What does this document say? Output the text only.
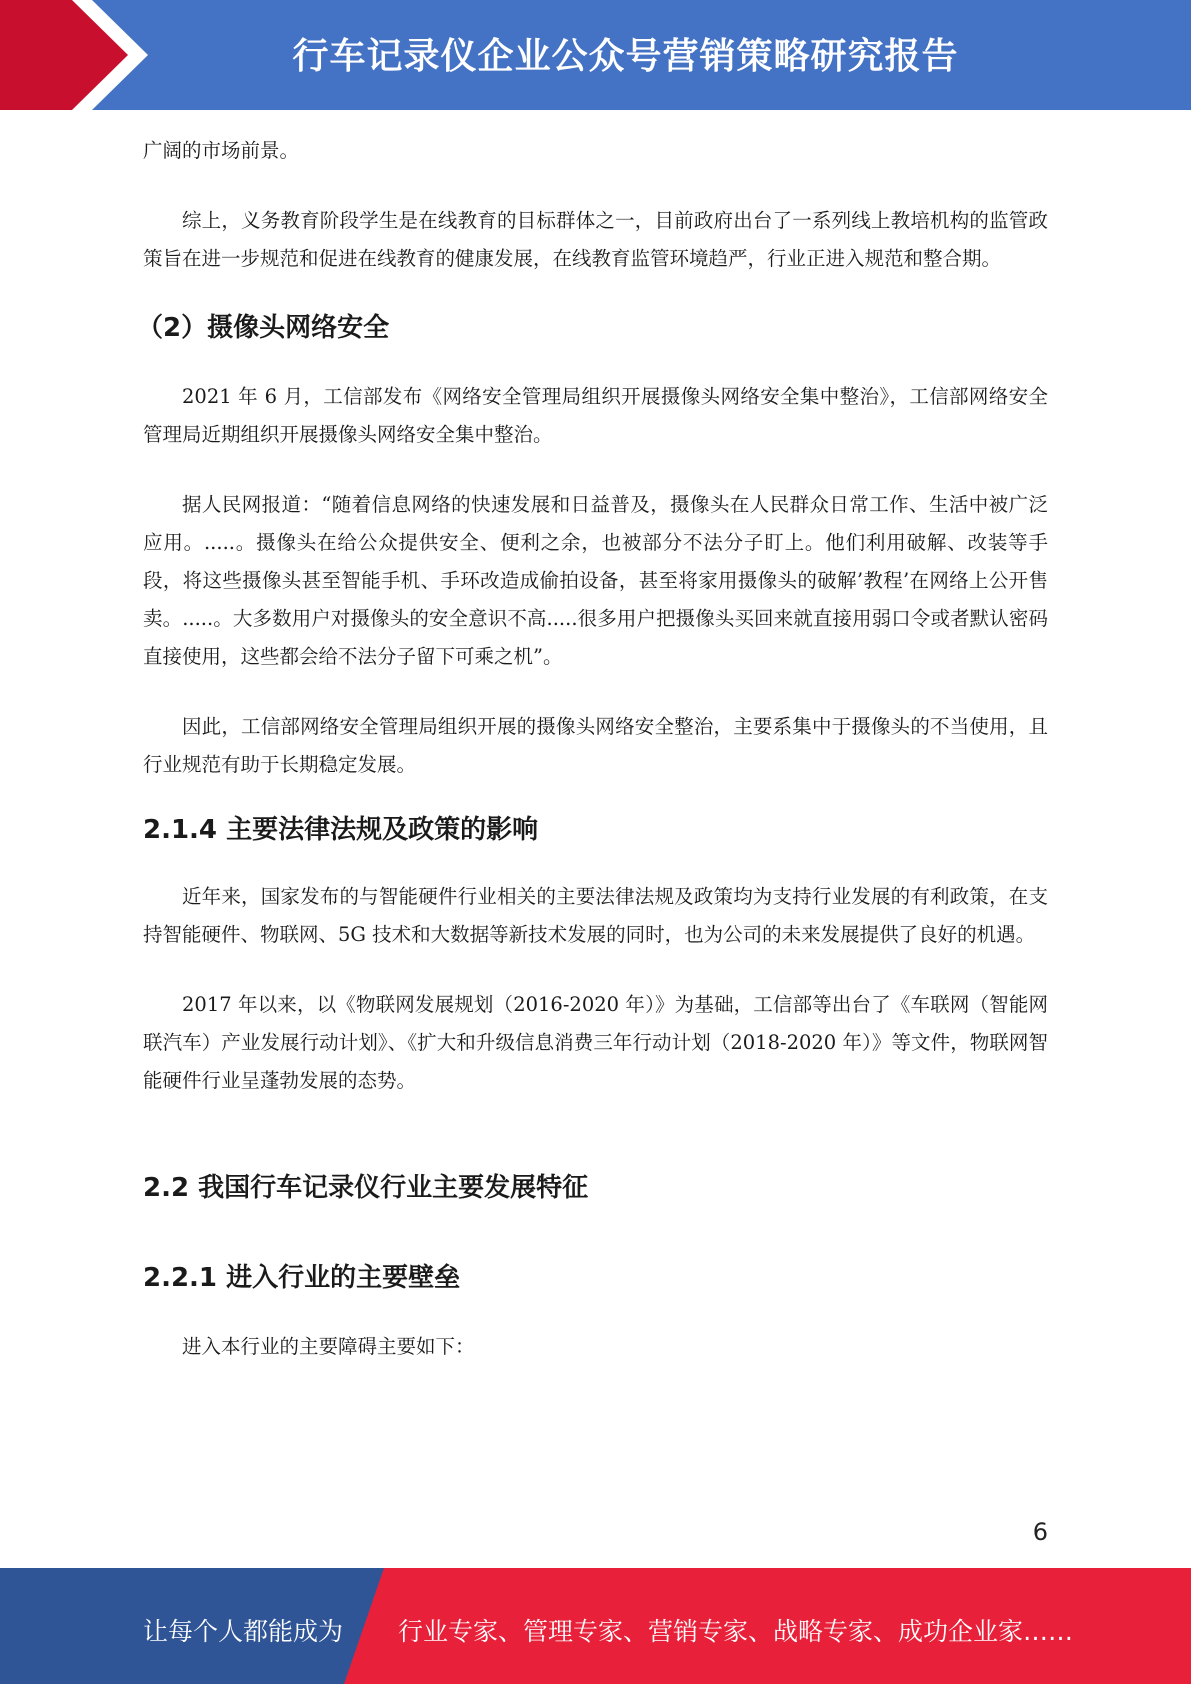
行车记录仪企业公众号营销策略研究报告

广阔的市场前景。

综上，义务教育阶段学生是在线教育的目标群体之一，目前政府出台了一系列线上教培机构的监管政策旨在进一步规范和促进在线教育的健康发展，在线教育监管环境趋严，行业正进入规范和整合期。

（2）摄像头网络安全

2021 年 6 月，工信部发布《网络安全管理局组织开展摄像头网络安全集中整治》，工信部网络安全管理局近期组织开展摄像头网络安全集中整治。

据人民网报道：“随着信息网络的快速发展和日益普及，摄像头在人民群众日常工作、生活中被广泛应用。.....。摄像头在给公众提供安全、便利之余，也被部分不法分子盯上。他们利用破解、改装等手段，将这些摄像头甚至智能手机、手环改造成偷拍设备，甚至将家用摄像头的破解’教程’在网络上公开售卖。.....。大多数用户对摄像头的安全意识不高.....很多用户把摄像头买回来就直接用弱口令或者默认密码直接使用，这些都会给不法分子留下可乘之机”。

因此，工信部网络安全管理局组织开展的摄像头网络安全整治，主要系集中于摄像头的不当使用，且行业规范有助于长期稳定发展。

2.1.4 主要法律法规及政策的影响

近年来，国家发布的与智能硬件行业相关的主要法律法规及政策均为支持行业发展的有利政策，在支持智能硬件、物联网、5G 技术和大数据等新技术发展的同时，也为公司的未来发展提供了良好的机遇。

2017 年以来，以《物联网发展规划（2016-2020 年）》为基础，工信部等出台了《车联网（智能网联汽车）产业发展行动计划》、《扩大和升级信息消费三年行动计划（2018-2020 年）》等文件，物联网智能硬件行业呈蓬勃发展的态势。

2.2 我国行车记录仪行业主要发展特征
2.2.1 进入行业的主要壁垒

进入本行业的主要障碍主要如下：

6
让每个人都能成为 行业专家、管理专家、营销专家、战略专家、成功企业家……
